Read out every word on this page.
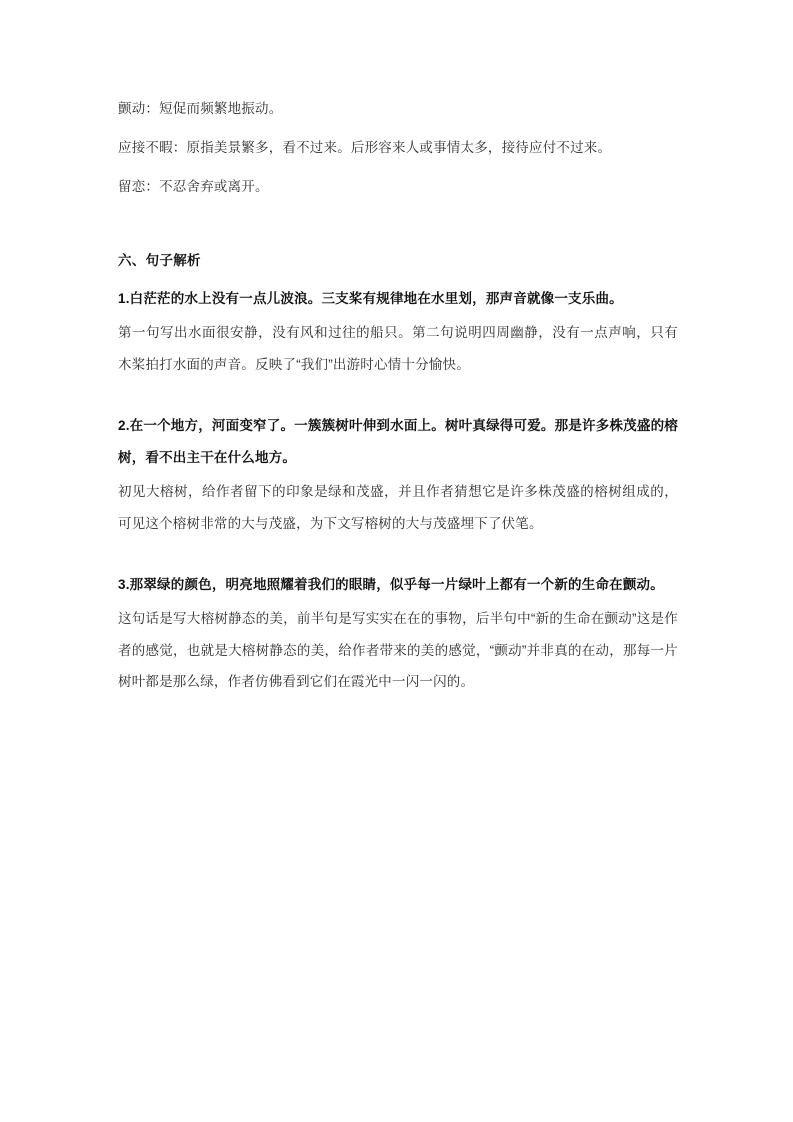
颤动：短促而频繁地振动。

应接不暇：原指美景繁多，看不过来。后形容来人或事情太多，接待应付不过来。

留恋：不忍舍弃或离开。

六、句子解析

1.白茫茫的水上没有一点儿波浪。三支桨有规律地在水里划，那声音就像一支乐曲。

第一句写出水面很安静，没有风和过往的船只。第二句说明四周幽静，没有一点声响，只有木桨拍打水面的声音。反映了“我们”出游时心情十分愉快。

2.在一个地方，河面变窄了。一簇簇树叶伸到水面上。树叶真绿得可爱。那是许多株茂盛的榕树，看不出主干在什么地方。

初见大榕树，给作者留下的印象是绿和茂盛，并且作者猜想它是许多株茂盛的榕树组成的，可见这个榕树非常的大与茂盛，为下文写榕树的大与茂盛埋下了伏笔。

3.那翠绿的颜色，明亮地照耀着我们的眼睛，似乎每一片绿叶上都有一个新的生命在颤动。

这句话是写大榕树静态的美，前半句是写实实在在的事物，后半句中“新的生命在颤动”这是作者的感觉，也就是大榕树静态的美，给作者带来的美的感觉，“颤动”并非真的在动，那每一片树叶都是那么绿，作者仿佛看到它们在霞光中一闪一闪的。
